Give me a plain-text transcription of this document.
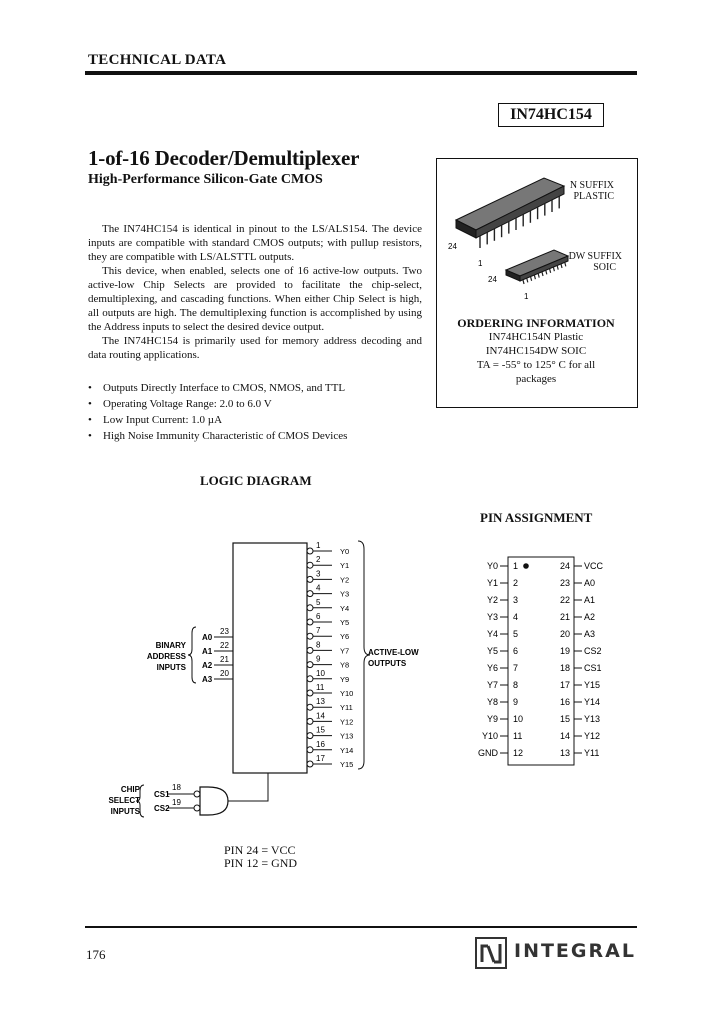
TECHNICAL DATA
IN74HC154
1-of-16 Decoder/Demultiplexer
High-Performance Silicon-Gate CMOS

The IN74HC154 is identical in pinout to the LS/ALS154. The device inputs are compatible with standard CMOS outputs; with pullup resistors, they are compatible with LS/ALSTTL outputs.

This device, when enabled, selects one of 16 active-low outputs. Two active-low Chip Selects are provided to facilitate the chip-select, demultiplexing, and cascading functions. When either Chip Select is high, all outputs are high. The demultiplexing function is accomplished by using the Address inputs to select the desired device output.

The IN74HC154 is primarily used for memory address decoding and data routing applications.

• Outputs Directly Interface to CMOS, NMOS, and TTL
• Operating Voltage Range: 2.0 to 6.0 V
• Low Input Current: 1.0 µA
• High Noise Immunity Characteristic of CMOS Devices
N SUFFIX
PLASTIC
DW SUFFIX
SOIC
24
1
24
1
ORDERING INFORMATION
IN74HC154N Plastic
IN74HC154DW SOIC
TA = -55° to 125° C for all packages
LOGIC DIAGRAM
1
Y0
2
Y1
3
Y2
4
Y3
5
Y4
6
Y5
7
Y6
8
Y7
9
Y8
10
Y9
11
Y10
13
Y11
14
Y12
15
Y13
16
Y14
17
Y15
A0
23
A1
22
A2
21
A3
20
ACTIVE-LOW
OUTPUTS
BINARY
ADDRESS
INPUTS
CHIP
SELECT
INPUTS
CS1
CS2
18
19
PIN 24 = VCC
PIN 12 = GND
PIN ASSIGNMENT
Y0 1	24 VCC
Y1 2	23 A0
Y2 3	22 A1
Y3 4	21 A2
Y4 5	20 A3
Y5 6	19 CS2
Y6 7	18 CS1
Y7 8	17 Y15
Y8 9	16 Y14
Y9 10	15 Y13
Y10 11	14 Y12
GND 12	13 Y11
176	INTEGRAL
